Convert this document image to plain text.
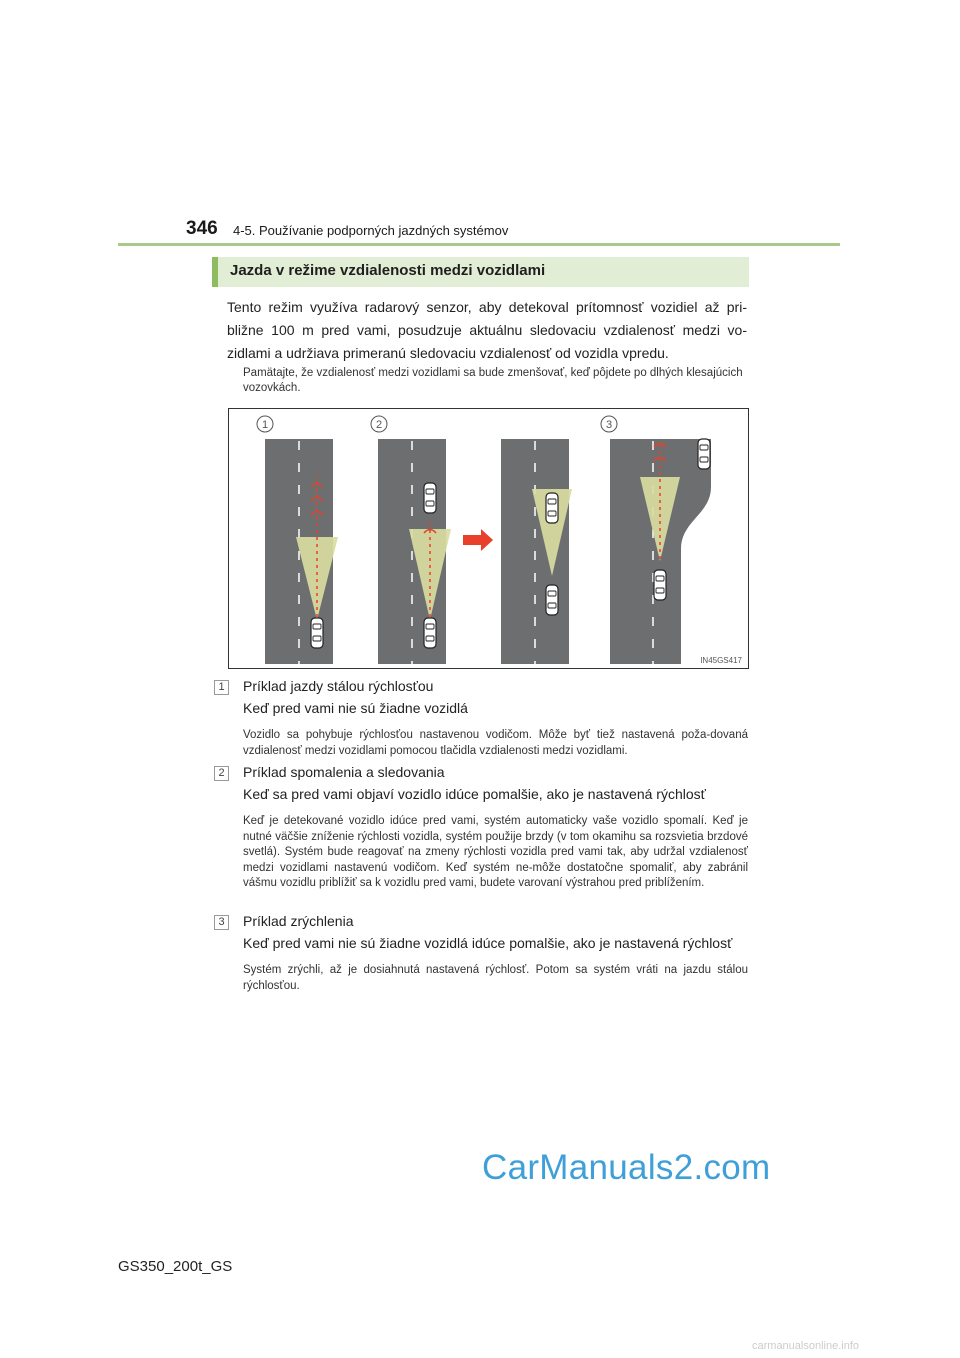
346 4-5. Používanie podporných jazdných systémov
Jazda v režime vzdialenosti medzi vozidlami
Tento režim využíva radarový senzor, aby detekoval prítomnosť vozidiel až pri-bližne 100 m pred vami, posudzuje aktuálnu sledovaciu vzdialenosť medzi vo-zidlami a udržiava primeranú sledovaciu vzdialenosť od vozidla vpredu.
Pamätajte, že vzdialenosť medzi vozidlami sa bude zmenšovať, keď pôjdete po dlhých klesajúcich vozovkách.
1	2	3
IN45GS417
1	Príklad jazdy stálou rýchlosťou
Keď pred vami nie sú žiadne vozidlá
Vozidlo sa pohybuje rýchlosťou nastavenou vodičom. Môže byť tiež nastavená poža-dovaná vzdialenosť medzi vozidlami pomocou tlačidla vzdialenosti medzi vozidlami.
2	Príklad spomalenia a sledovania
Keď sa pred vami objaví vozidlo idúce pomalšie, ako je nastavená rýchlosť
Keď je detekované vozidlo idúce pred vami, systém automaticky vaše vozidlo spomalí. Keď je nutné väčšie zníženie rýchlosti vozidla, systém použije brzdy (v tom okamihu sa rozsvietia brzdové svetlá). Systém bude reagovať na zmeny rýchlosti vozidla pred vami tak, aby udržal vzdialenosť medzi vozidlami nastavenú vodičom. Keď systém ne-môže dostatočne spomaliť, aby zabránil vášmu vozidlu priblížiť sa k vozidlu pred vami, budete varovaní výstrahou pred priblížením.
3	Príklad zrýchlenia
Keď pred vami nie sú žiadne vozidlá idúce pomalšie, ako je nastavená rýchlosť
Systém zrýchli, až je dosiahnutá nastavená rýchlosť. Potom sa systém vráti na jazdu stálou rýchlosťou.
CarManuals2.com
GS350_200t_GS
carmanualsonline.info
